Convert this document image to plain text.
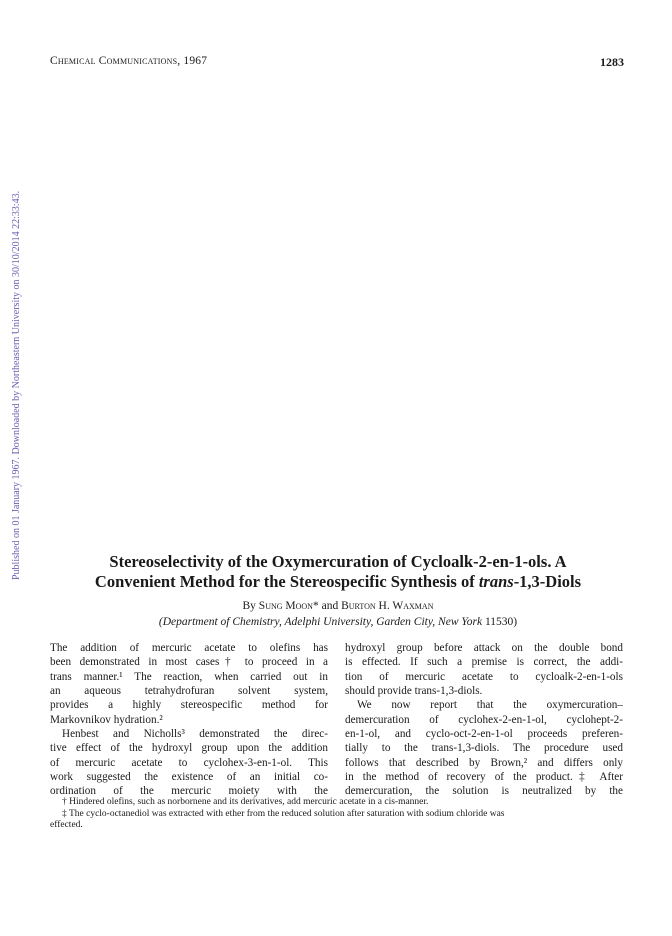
Published on 01 January 1967. Downloaded by Northeastern University on 30/10/2014 22:33:43.
Chemical Communications, 1967	1283
Stereoselectivity of the Oxymercuration of Cycloalk-2-en-1-ols. A
Convenient Method for the Stereospecific Synthesis of trans-1,3-Diols
By Sung Moon* and Burton H. Waxman
(Department of Chemistry, Adelphi University, Garden City, New York 11530)
The addition of mercuric acetate to olefins has
been demonstrated in most cases† to proceed in a
trans manner.¹ The reaction, when carried out in
an aqueous tetrahydrofuran solvent system,
provides a highly stereospecific method for
Markovnikov hydration.²
Henbest and Nicholls³ demonstrated the direc-
tive effect of the hydroxyl group upon the addition
of mercuric acetate to cyclohex-3-en-1-ol. This
work suggested the existence of an initial co-
ordination of the mercuric moiety with the
hydroxyl group before attack on the double bond
is effected. If such a premise is correct, the addi-
tion of mercuric acetate to cycloalk-2-en-1-ols
should provide trans-1,3-diols.
We now report that the oxymercuration–
demercuration of cyclohex-2-en-1-ol, cyclohept-2-
en-1-ol, and cyclo-oct-2-en-1-ol proceeds preferen-
tially to the trans-1,3-diols. The procedure used
follows that described by Brown,² and differs only
in the method of recovery of the product.‡ After
demercuration, the solution is neutralized by the
† Hindered olefins, such as norbornene and its derivatives, add mercuric acetate in a cis-manner.
‡ The cyclo-octanediol was extracted with ether from the reduced solution after saturation with sodium chloride was
effected.
